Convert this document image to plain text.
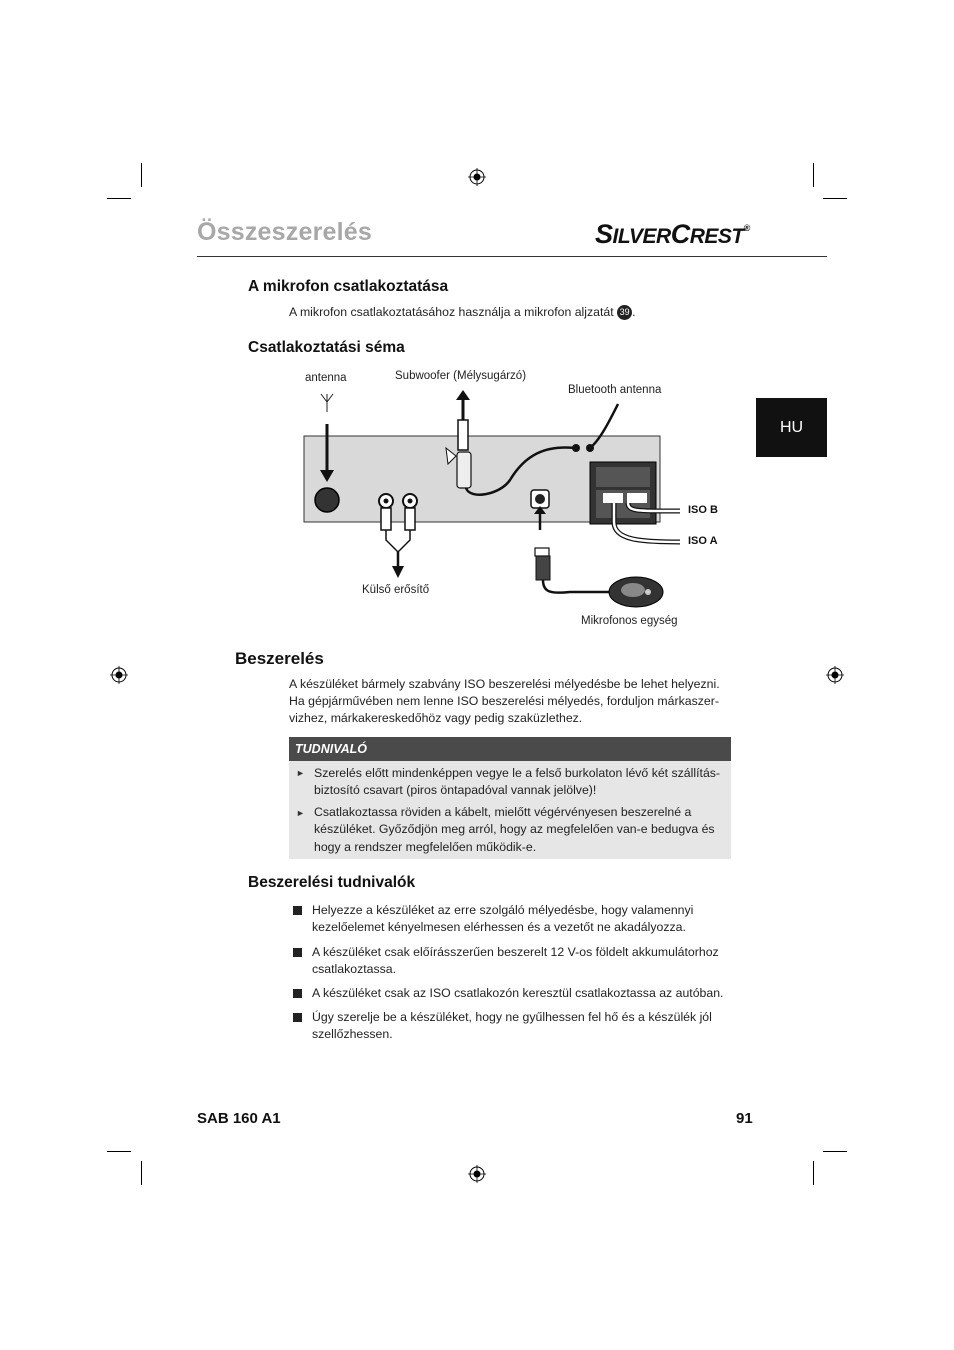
Összeszerelés	SILVERCREST®
HU
A mikrofon csatlakoztatása
A mikrofon csatlakoztatásához használja a mikrofon aljzatát 39 .
Csatlakoztatási séma
antenna	Subwoofer (Mélysugárzó)
Bluetooth antenna
ISO B
ISO A
Külső erősítő
Mikrofonos egység
Beszerelés
A készüléket bármely szabvány ISO beszerelési mélyedésbe be lehet helyezni.
Ha gépjárművében nem lenne ISO beszerelési mélyedés, forduljon márkaszer-
vizhez, márkakereskedőhöz vagy pedig szaküzlethez.
TUDNIVALÓ
► Szerelés előtt mindenképpen vegye le a felső burkolaton lévő két szállítás-
biztosító csavart (piros öntapadóval vannak jelölve)!
► Csatlakoztassa röviden a kábelt, mielőtt végérvényesen beszerelné a
készüléket. Győződjön meg arról, hogy az megfelelően van-e bedugva és
hogy a rendszer megfelelően működik-e.
Beszerelési tudnivalók
Helyezze a készüléket az erre szolgáló mélyedésbe, hogy valamennyi
kezelőelemet kényelmesen elérhessen és a vezetőt ne akadályozza.
A készüléket csak előírásszerűen beszerelt 12 V-os földelt akkumulátorhoz
csatlakoztassa.
A készüléket csak az ISO csatlakozón keresztül csatlakoztassa az autóban.
Úgy szerelje be a készüléket, hogy ne gyűlhessen fel hő és a készülék jól
szellőzhessen.
SAB 160 A1	91
